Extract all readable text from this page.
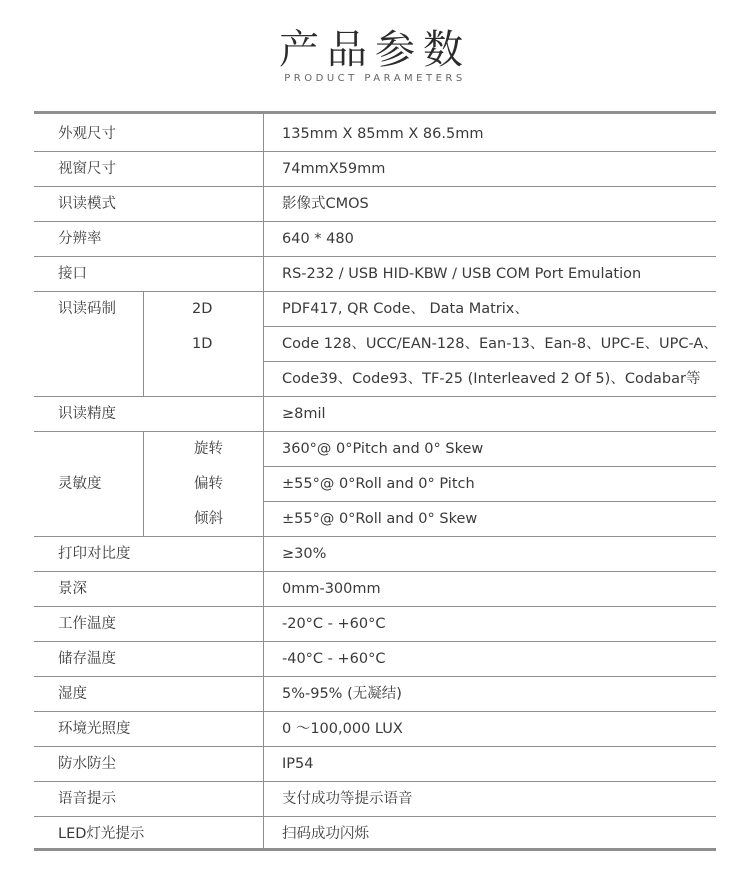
产品参数
PRODUCT PARAMETERS
外观尺寸	135mm X 85mm X 86.5mm
视窗尺寸	74mmX59mm
识读模式	影像式CMOS
分辨率	640 * 480
接口	RS-232 / USB HID-KBW / USB COM Port Emulation
识读码制	2D	PDF417, QR Code、 Data Matrix、
1D	Code 128、UCC/EAN-128、Ean-13、Ean-8、UPC-E、UPC-A、
Code39、Code93、TF-25 (Interleaved 2 Of 5)、Codabar等
识读精度	≥8mil
灵敏度
旋转	360°@ 0°Pitch and 0° Skew
偏转	±55°@ 0°Roll and 0° Pitch
倾斜	±55°@ 0°Roll and 0° Skew
打印对比度	≥30%
景深	0mm-300mm
工作温度	-20°C - +60°C
储存温度	-40°C - +60°C
湿度	5%-95% (无凝结)
环境光照度	0 ～100,000 LUX
防水防尘	IP54
语音提示	支付成功等提示语音
LED灯光提示	扫码成功闪烁
